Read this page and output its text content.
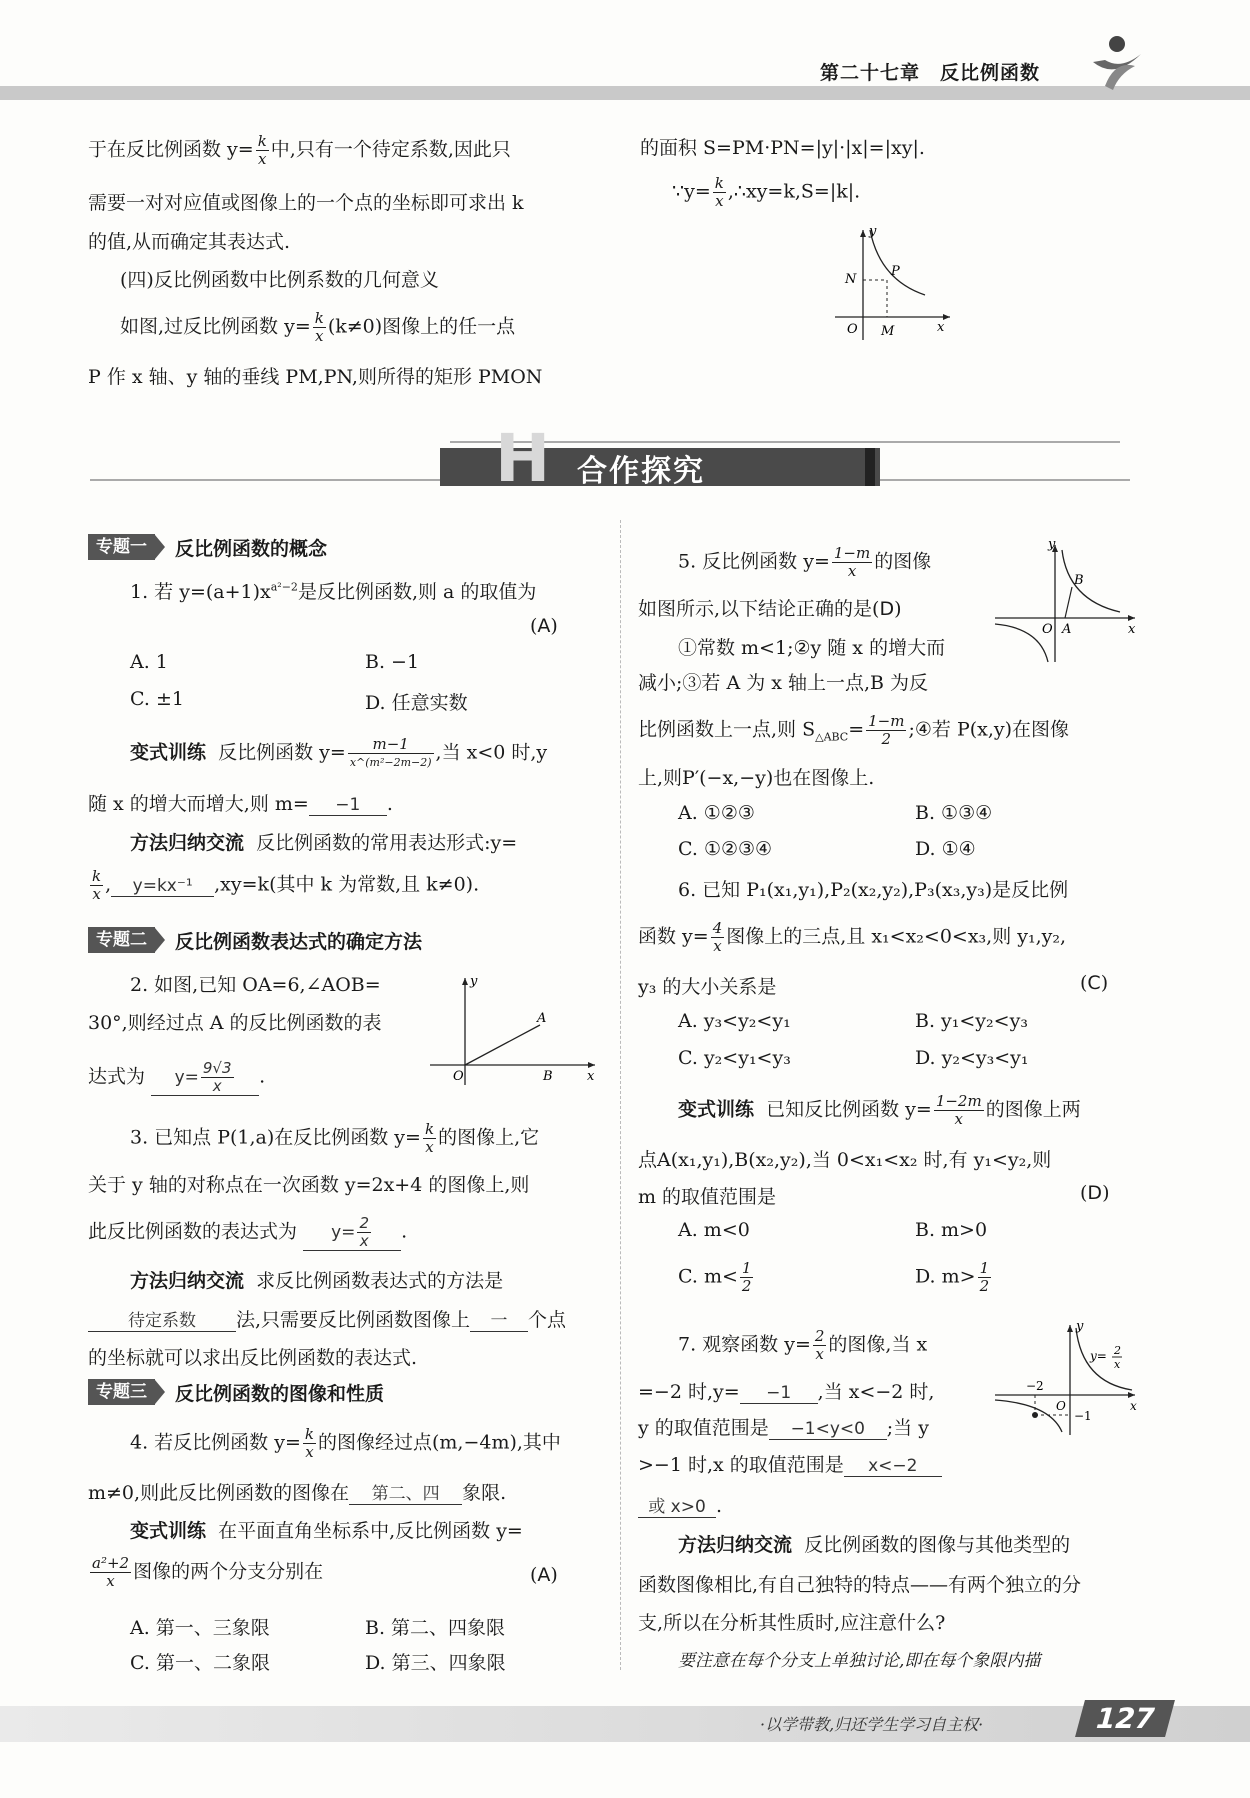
第二十七章　反比例函数
于在反比例函数 $y= \frac{k}{x}$ 中,只有一个待定系数,因此只
需要一对对应值或图像上的一个点的坐标即可求出 k
的值,从而确定其表达式.
(四)反比例函数中比例系数的几何意义
如图,过反比例函数 $y= \frac{k}{x} (k\ne 0)$图像上的任一点
P 作 x 轴、y 轴的垂线 PM,PN,则所得的矩形 PMON
的面积 S=PM·PN=|y|·|x|=|xy|.
∵y= $\frac{k}{x}$ ,∴xy=k,S=|k|.
y
N
P
O M	x
H 合作探究
专题一	反比例函数的概念
1. 若 $y=(a+1)x^{a^2-2}$是反比例函数,则 a 的取值为
(A)
A. 1	B. −1
C. ±1	D. 任意实数
变式训练 反比例函数 $y= \frac{m-1}{\text{x\textasciicircum{}(m²−2m−2)}}$ ,当 x<0 时,y
随 x 的增大而增大,则 m= −1 .
方法归纳交流 反比例函数的常用表达形式:y=
$\frac{k}{x}$ , y=kx⁻¹ ,xy=k(其中 k 为常数,且 k≠0).
专题二	反比例函数表达式的确定方法
2. 如图,已知 OA=6,∠AOB=
30°,则经过点 A 的反比例函数的表
达式为 $y= \frac{9√3}{x}$ .
y
A
O	B	x
3. 已知点 P(1,a)在反比例函数 $y= \frac{k}{x}$ 的图像上,它
关于 y 轴的对称点在一次函数 y=2x+4 的图像上,则
此反比例函数的表达式为 $y= \frac{2}{x}$ .
方法归纳交流 求反比例函数表达式的方法是
待定系数 法,只需要反比例函数图像上 一 个点
的坐标就可以求出反比例函数的表达式.
专题三	反比例函数的图像和性质
4. 若反比例函数 $y= \frac{k}{x}$ 的图像经过点(m,−4m),其中
m≠0,则此反比例函数的图像在 第二、四 象限.
变式训练 在平面直角坐标系中,反比例函数 y=
$\frac{\text{a²+2}}{x}$ 图像的两个分支分别在	(A)
A. 第一、三象限	B. 第二、四象限
C. 第一、二象限	D. 第三、四象限
5. 反比例函数 $y= \frac{1-m}{x}$ 的图像
如图所示,以下结论正确的是(D)
①常数 m<1;②y 随 x 的增大而
减小;③若 A 为 x 轴上一点,B 为反
比例函数上一点,则 $S_{\triangle ABC}= \frac{1-m}{2}$ ;④若 P(x,y)在图像
上,则P′(−x,−y)也在图像上.
A. ①②③	B. ①③④
C. ①②③④	D. ①④
y
B
O A	x
6. 已知 P₁(x₁,y₁),P₂(x₂,y₂),P₃(x₃,y₃)是反比例
函数 $y= \frac{4}{x}$ 图像上的三点,且 x₁<x₂<0<x₃,则 y₁,y₂,
y₃ 的大小关系是	(C)
A. y₃<y₂<y₁	B. y₁<y₂<y₃
C. y₂<y₁<y₃	D. y₂<y₃<y₁
变式训练 已知反比例函数 $y= \frac{1-2m}{x}$ 的图像上两
点A(x₁,y₁),B(x₂,y₂),当 0<x₁<x₂ 时,有 y₁<y₂,则
m 的取值范围是	(D)
A. m<0	B. m>0
C. $m< \frac{1}{2}$	D. $m> \frac{1}{2}$
7. 观察函数 $y= \frac{2}{x}$ 的图像,当 x
=−2 时,y= −1 ,当 x<−2 时,
y 的取值范围是 −1<y<0 ;当 y
>−1 时,x 的取值范围是 x<−2
或 x>0 .
y
y= 2
x
−2
O
−1
x
方法归纳交流 反比例函数的图像与其他类型的
函数图像相比,有自己独特的特点——有两个独立的分
支,所以在分析其性质时,应注意什么?
要注意在每个分支上单独讨论,即在每个象限内描
·以学带教,归还学生学习自主权·	127
